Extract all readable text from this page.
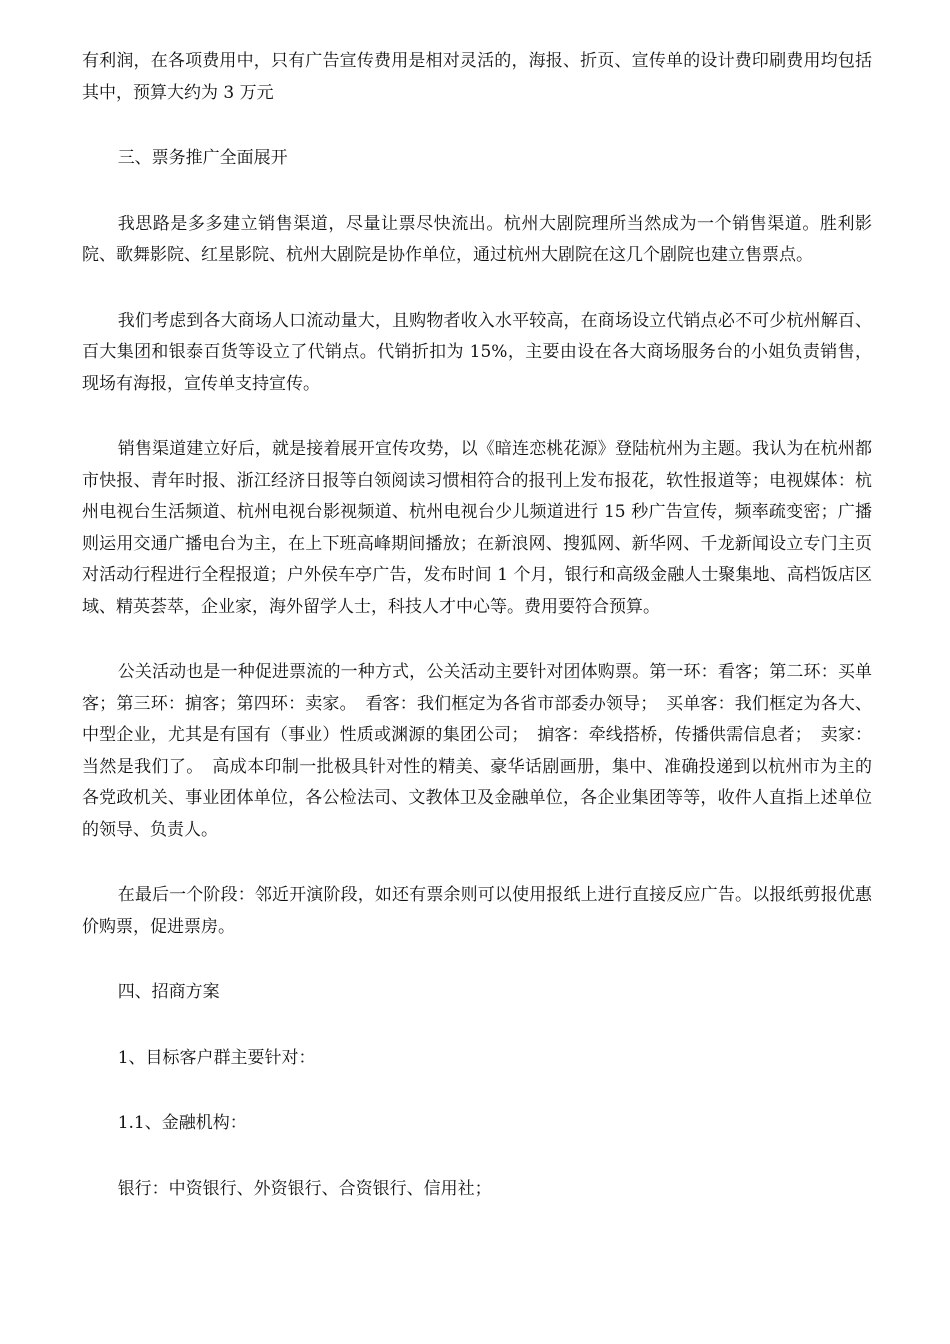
有利润，在各项费用中，只有广告宣传费用是相对灵活的，海报、折页、宣传单的设计费印刷费用均包括其中，预算大约为 3 万元

三、票务推广全面展开

我思路是多多建立销售渠道，尽量让票尽快流出。杭州大剧院理所当然成为一个销售渠道。胜利影院、歌舞影院、红星影院、杭州大剧院是协作单位，通过杭州大剧院在这几个剧院也建立售票点。

我们考虑到各大商场人口流动量大，且购物者收入水平较高，在商场设立代销点必不可少杭州解百、百大集团和银泰百货等设立了代销点。代销折扣为 15%，主要由设在各大商场服务台的小姐负责销售，现场有海报，宣传单支持宣传。

销售渠道建立好后，就是接着展开宣传攻势，以《暗连恋桃花源》登陆杭州为主题。我认为在杭州都市快报、青年时报、浙江经济日报等白领阅读习惯相符合的报刊上发布报花，软性报道等；电视媒体：杭州电视台生活频道、杭州电视台影视频道、杭州电视台少儿频道进行 15 秒广告宣传，频率疏变密；广播则运用交通广播电台为主，在上下班高峰期间播放；在新浪网、搜狐网、新华网、千龙新闻设立专门主页对活动行程进行全程报道；户外侯车亭广告，发布时间 1 个月，银行和高级金融人士聚集地、高档饭店区域、精英荟萃，企业家，海外留学人士，科技人才中心等。费用要符合预算。

公关活动也是一种促进票流的一种方式，公关活动主要针对团体购票。第一环：看客；第二环：买单客；第三环：掮客；第四环：卖家。　看客：我们框定为各省市部委办领导；　买单客：我们框定为各大、中型企业，尤其是有国有（事业）性质或渊源的集团公司；　掮客：牵线搭桥，传播供需信息者；　卖家：当然是我们了。　高成本印制一批极具针对性的精美、豪华话剧画册，集中、准确投递到以杭州市为主的各党政机关、事业团体单位，各公检法司、文教体卫及金融单位，各企业集团等等，收件人直指上述单位的领导、负责人。

在最后一个阶段：邻近开演阶段，如还有票余则可以使用报纸上进行直接反应广告。以报纸剪报优惠价购票，促进票房。

四、招商方案

1、目标客户群主要针对：

1.1、金融机构：

银行：中资银行、外资银行、合资银行、信用社；
